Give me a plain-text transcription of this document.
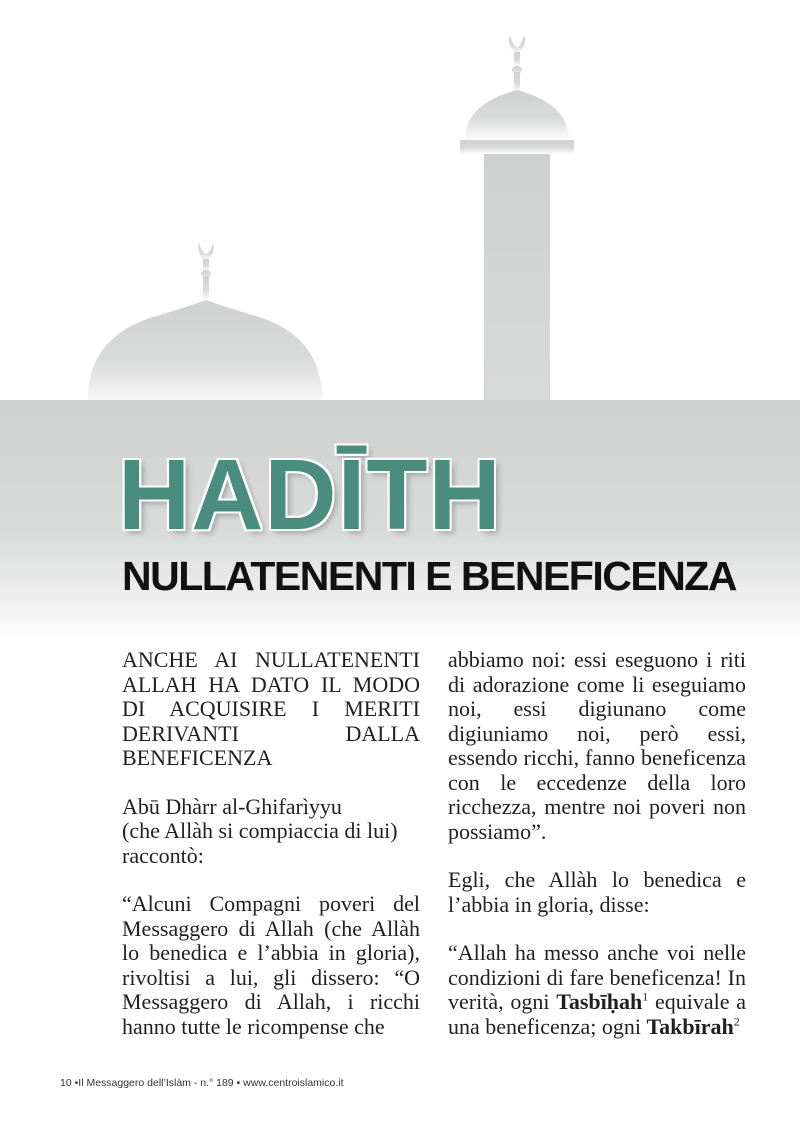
HADĪTH
NULLATENENTI E BENEFICENZA

ANCHE AI NULLATENENTI ALLAH HA DATO IL MODO DI ACQUISIRE I MERITI DERIVANTI DALLA BENEFICENZA

Abū Dhàrr al-Ghifarìyyu

(che Allàh si compiaccia di lui)

raccontò:

“Alcuni Compagni poveri del Messaggero di Allah (che Allàh lo benedica e l’abbia in gloria), rivoltisi a lui, gli dissero: “O Messaggero di Allah, i ricchi hanno tutte le ricompense che

abbiamo noi: essi eseguono i riti di adorazione come li eseguiamo noi, essi digiunano come digiuniamo noi, però essi, essendo ricchi, fanno beneficenza con le eccedenze della loro ricchezza, mentre noi poveri non possiamo”.

Egli, che Allàh lo benedica e l’abbia in gloria, disse:

“Allah ha messo anche voi nelle condizioni di fare beneficenza! In verità, ogni Tasbīḥah$^1$ equivale a una beneficenza; ogni Takbīrah$^2$

10 •Il Messaggero dell’Islàm - n.° 189 • www.centroislamico.it
